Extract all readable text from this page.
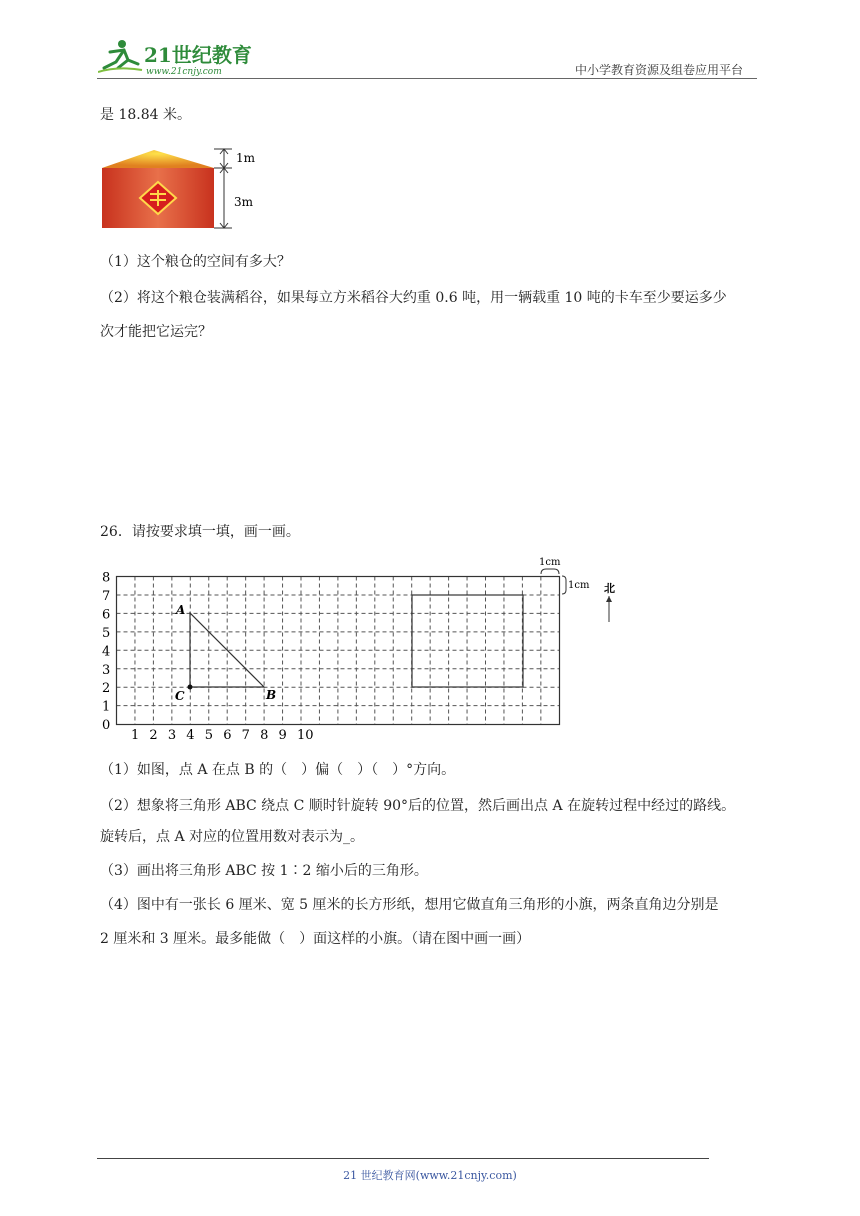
21世纪教育
www.21cnjy.com	中小学教育资源及组卷应用平台
是 18.84 米。
1m
3m
（1）这个粮仓的空间有多大？
（2）将这个粮仓装满稻谷，如果每立方米稻谷大约重 0.6 吨，用一辆载重 10 吨的卡车至少要运多少
次才能把它运完？
26．请按要求填一填，画一画。
A
B
C
1cm
1cm 北
8
7
6
5
4
3
2
1
0
1 2 3 4 5 6 7 8 9 10
（1）如图，点 A 在点 B 的（　）偏（　）（　）°方向。
（2）想象将三角形 ABC 绕点 C 顺时针旋转 90°后的位置，然后画出点 A 在旋转过程中经过的路线。
旋转后，点 A 对应的位置用数对表示为_。
（3）画出将三角形 ABC 按 1∶2 缩小后的三角形。
（4）图中有一张长 6 厘米、宽 5 厘米的长方形纸，想用它做直角三角形的小旗，两条直角边分别是
2 厘米和 3 厘米。最多能做（　）面这样的小旗。（请在图中画一画）
21 世纪教育网(www.21cnjy.com)
